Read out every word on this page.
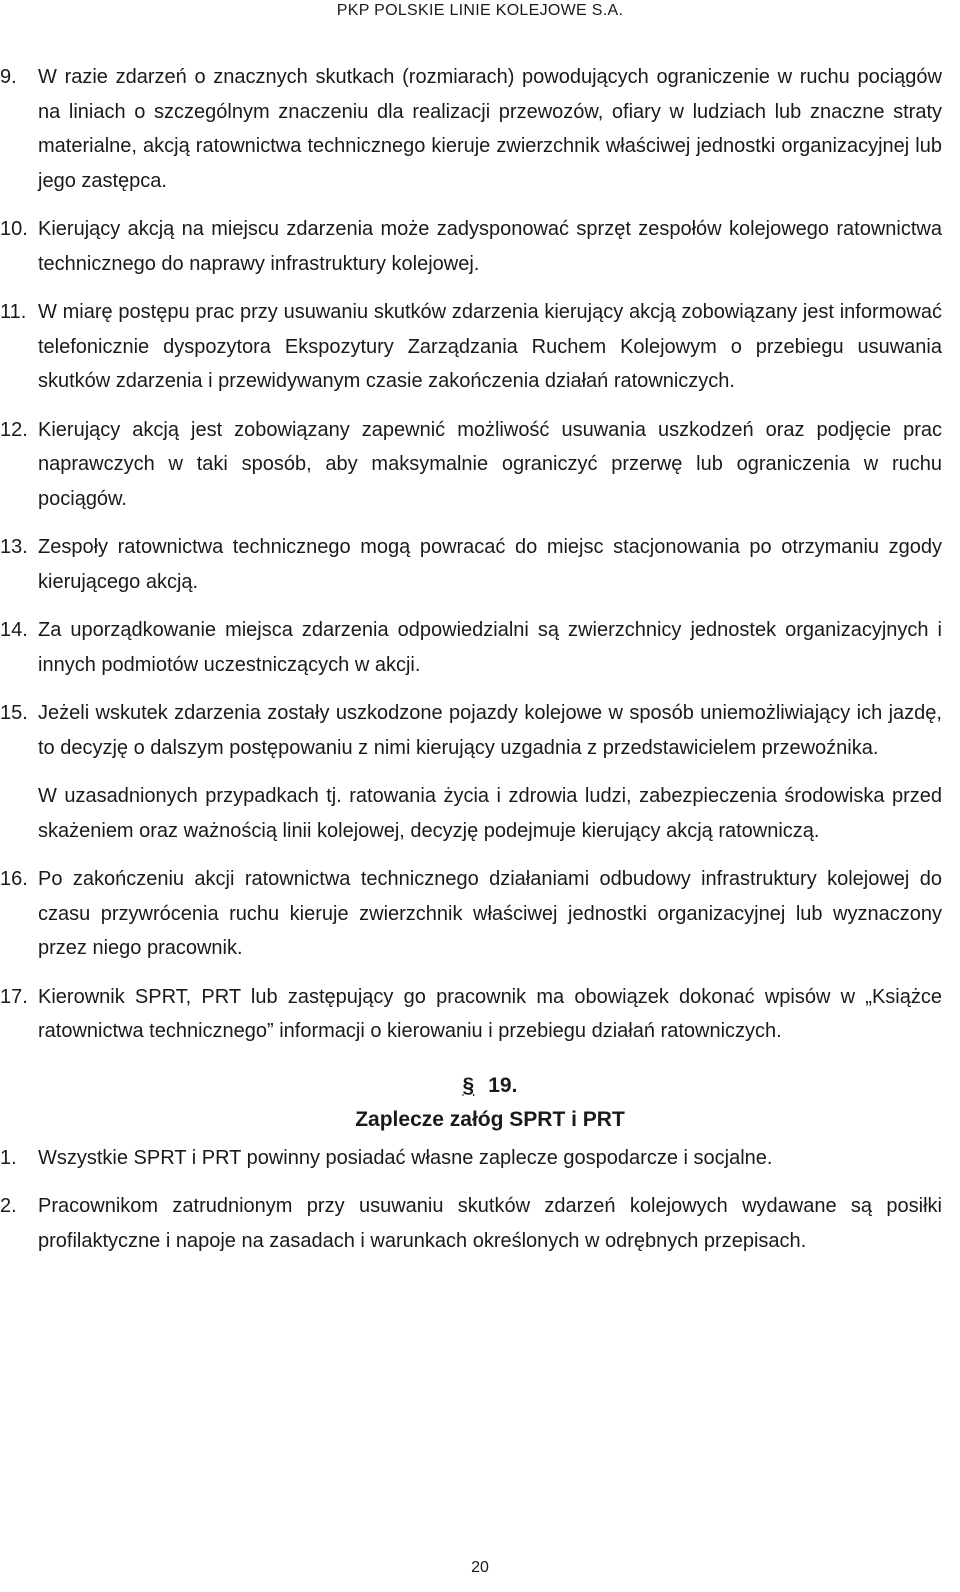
PKP POLSKIE LINIE KOLEJOWE S.A.
9.	W razie zdarzeń o znacznych skutkach (rozmiarach) powodujących ograniczenie w ruchu pociągów na liniach o szczególnym znaczeniu dla realizacji przewozów, ofiary w ludziach lub znaczne straty materialne, akcją ratownictwa technicznego kieruje zwierzchnik właściwej jednostki organizacyjnej lub jego zastępca.
10. Kierujący akcją na miejscu zdarzenia może zadysponować sprzęt zespołów kolejowego ratownictwa technicznego do naprawy infrastruktury kolejowej.
11. W miarę postępu prac przy usuwaniu skutków zdarzenia kierujący akcją zobowiązany jest informować telefonicznie dyspozytora Ekspozytury Zarządzania Ruchem Kolejowym o przebiegu usuwania skutków zdarzenia i przewidywanym czasie zakończenia działań ratowniczych.
12. Kierujący akcją jest zobowiązany zapewnić możliwość usuwania uszkodzeń oraz podjęcie prac naprawczych w taki sposób, aby maksymalnie ograniczyć przerwę lub ograniczenia w ruchu pociągów.
13. Zespoły ratownictwa technicznego mogą powracać do miejsc stacjonowania po otrzymaniu zgody kierującego akcją.
14. Za uporządkowanie miejsca zdarzenia odpowiedzialni są zwierzchnicy jednostek organizacyjnych i innych podmiotów uczestniczących w akcji.
15. Jeżeli wskutek zdarzenia zostały uszkodzone pojazdy kolejowe w sposób uniemożliwiający ich jazdę, to decyzję o dalszym postępowaniu z nimi kierujący uzgadnia z przedstawicielem przewoźnika.
W uzasadnionych przypadkach tj. ratowania życia i zdrowia ludzi, zabezpieczenia środowiska przed skażeniem oraz ważnością linii kolejowej, decyzję podejmuje kierujący akcją ratowniczą.
16. Po zakończeniu akcji ratownictwa technicznego działaniami odbudowy infrastruktury kolejowej do czasu przywrócenia ruchu kieruje zwierzchnik właściwej jednostki organizacyjnej lub wyznaczony przez niego pracownik.
17. Kierownik SPRT, PRT lub zastępujący go pracownik ma obowiązek dokonać wpisów w „Książce ratownictwa technicznego” informacji o kierowaniu i przebiegu działań ratowniczych.
§ 19.
Zaplecze załóg SPRT i PRT
1.	Wszystkie SPRT i PRT powinny posiadać własne zaplecze gospodarcze i socjalne.
2.	Pracownikom zatrudnionym przy usuwaniu skutków zdarzeń kolejowych wydawane są posiłki profilaktyczne i napoje na zasadach i warunkach określonych w odrębnych przepisach.
20
